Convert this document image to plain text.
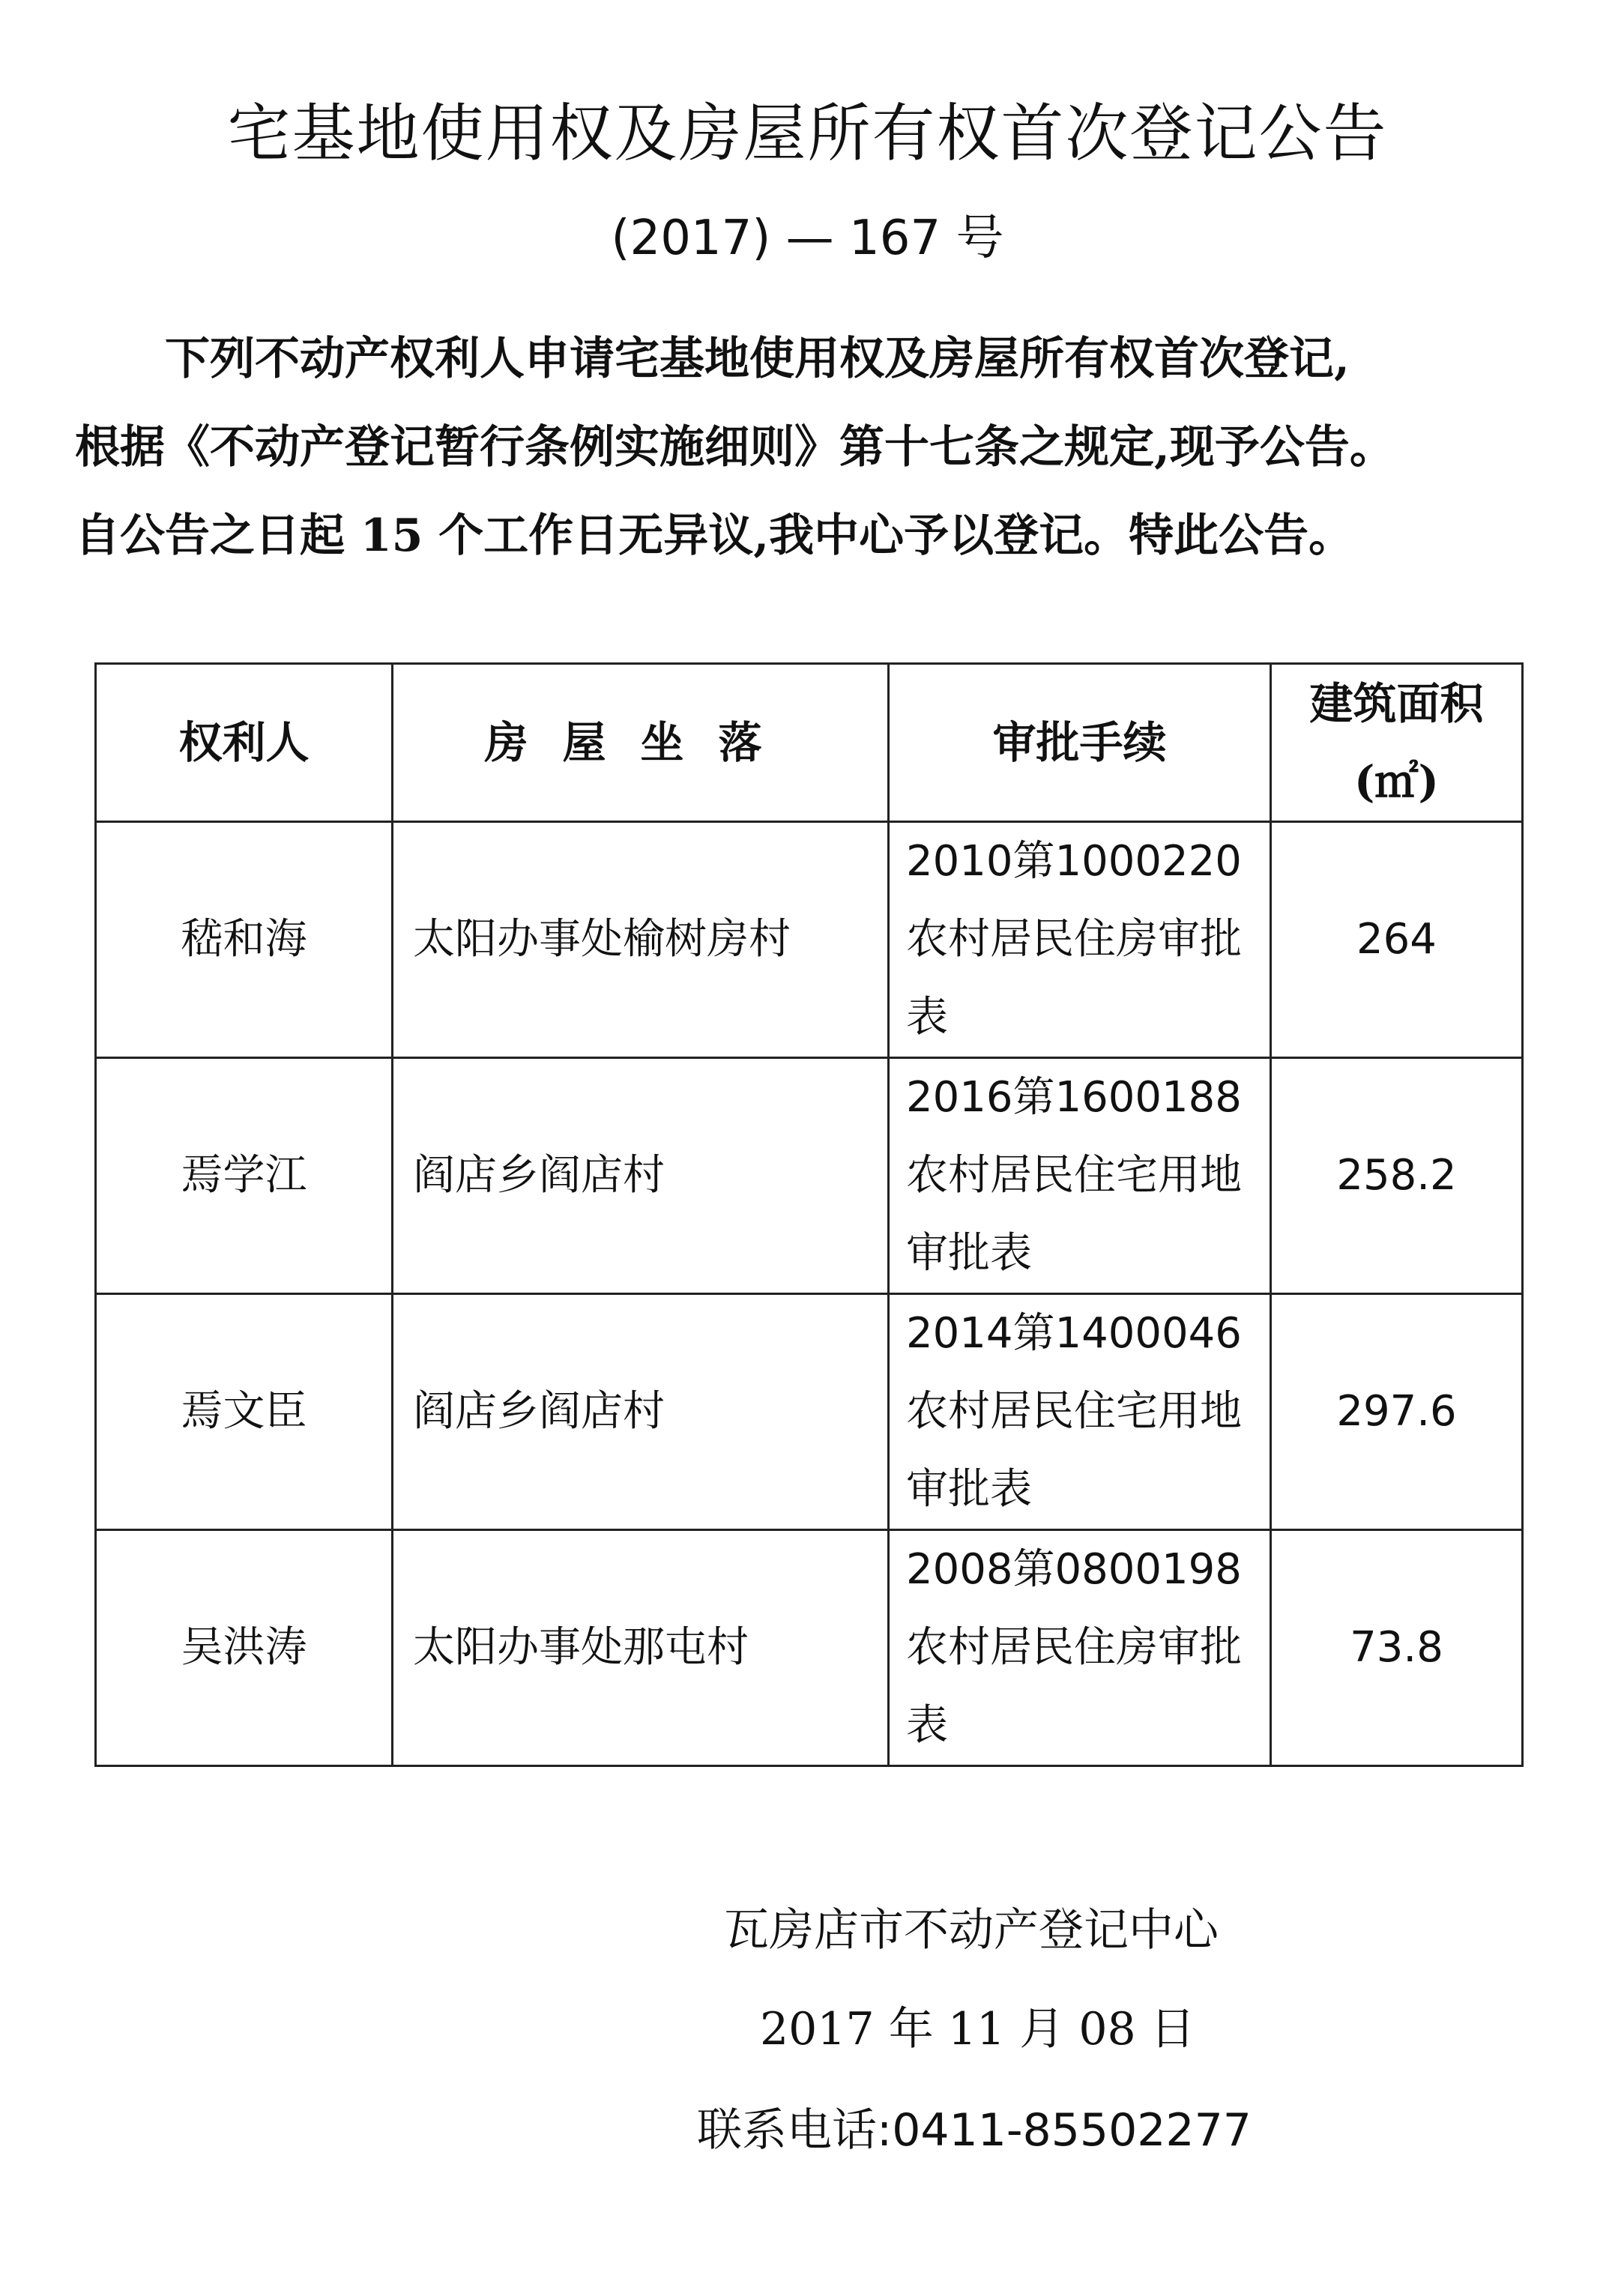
宅基地使用权及房屋所有权首次登记公告
(2017) — 167 号

下列不动产权利人申请宅基地使用权及房屋所有权首次登记,

根据《不动产登记暂行条例实施细则》第十七条之规定,现予公告。

自公告之日起 15 个工作日无异议,我中心予以登记。特此公告。

权利人	房屋坐落	审批手续	建筑面积
(㎡)

嵇和海	太阳办事处榆树房村	2010第1000220农村居民住房审批表	264
焉学江	阎店乡阎店村	2016第1600188农村居民住宅用地审批表	258.2
焉文臣	阎店乡阎店村	2014第1400046农村居民住宅用地审批表	297.6
吴洪涛	太阳办事处那屯村	2008第0800198农村居民住房审批表	73.8
瓦房店市不动产登记中心
2017 年 11 月 08 日
联系电话:0411-85502277
